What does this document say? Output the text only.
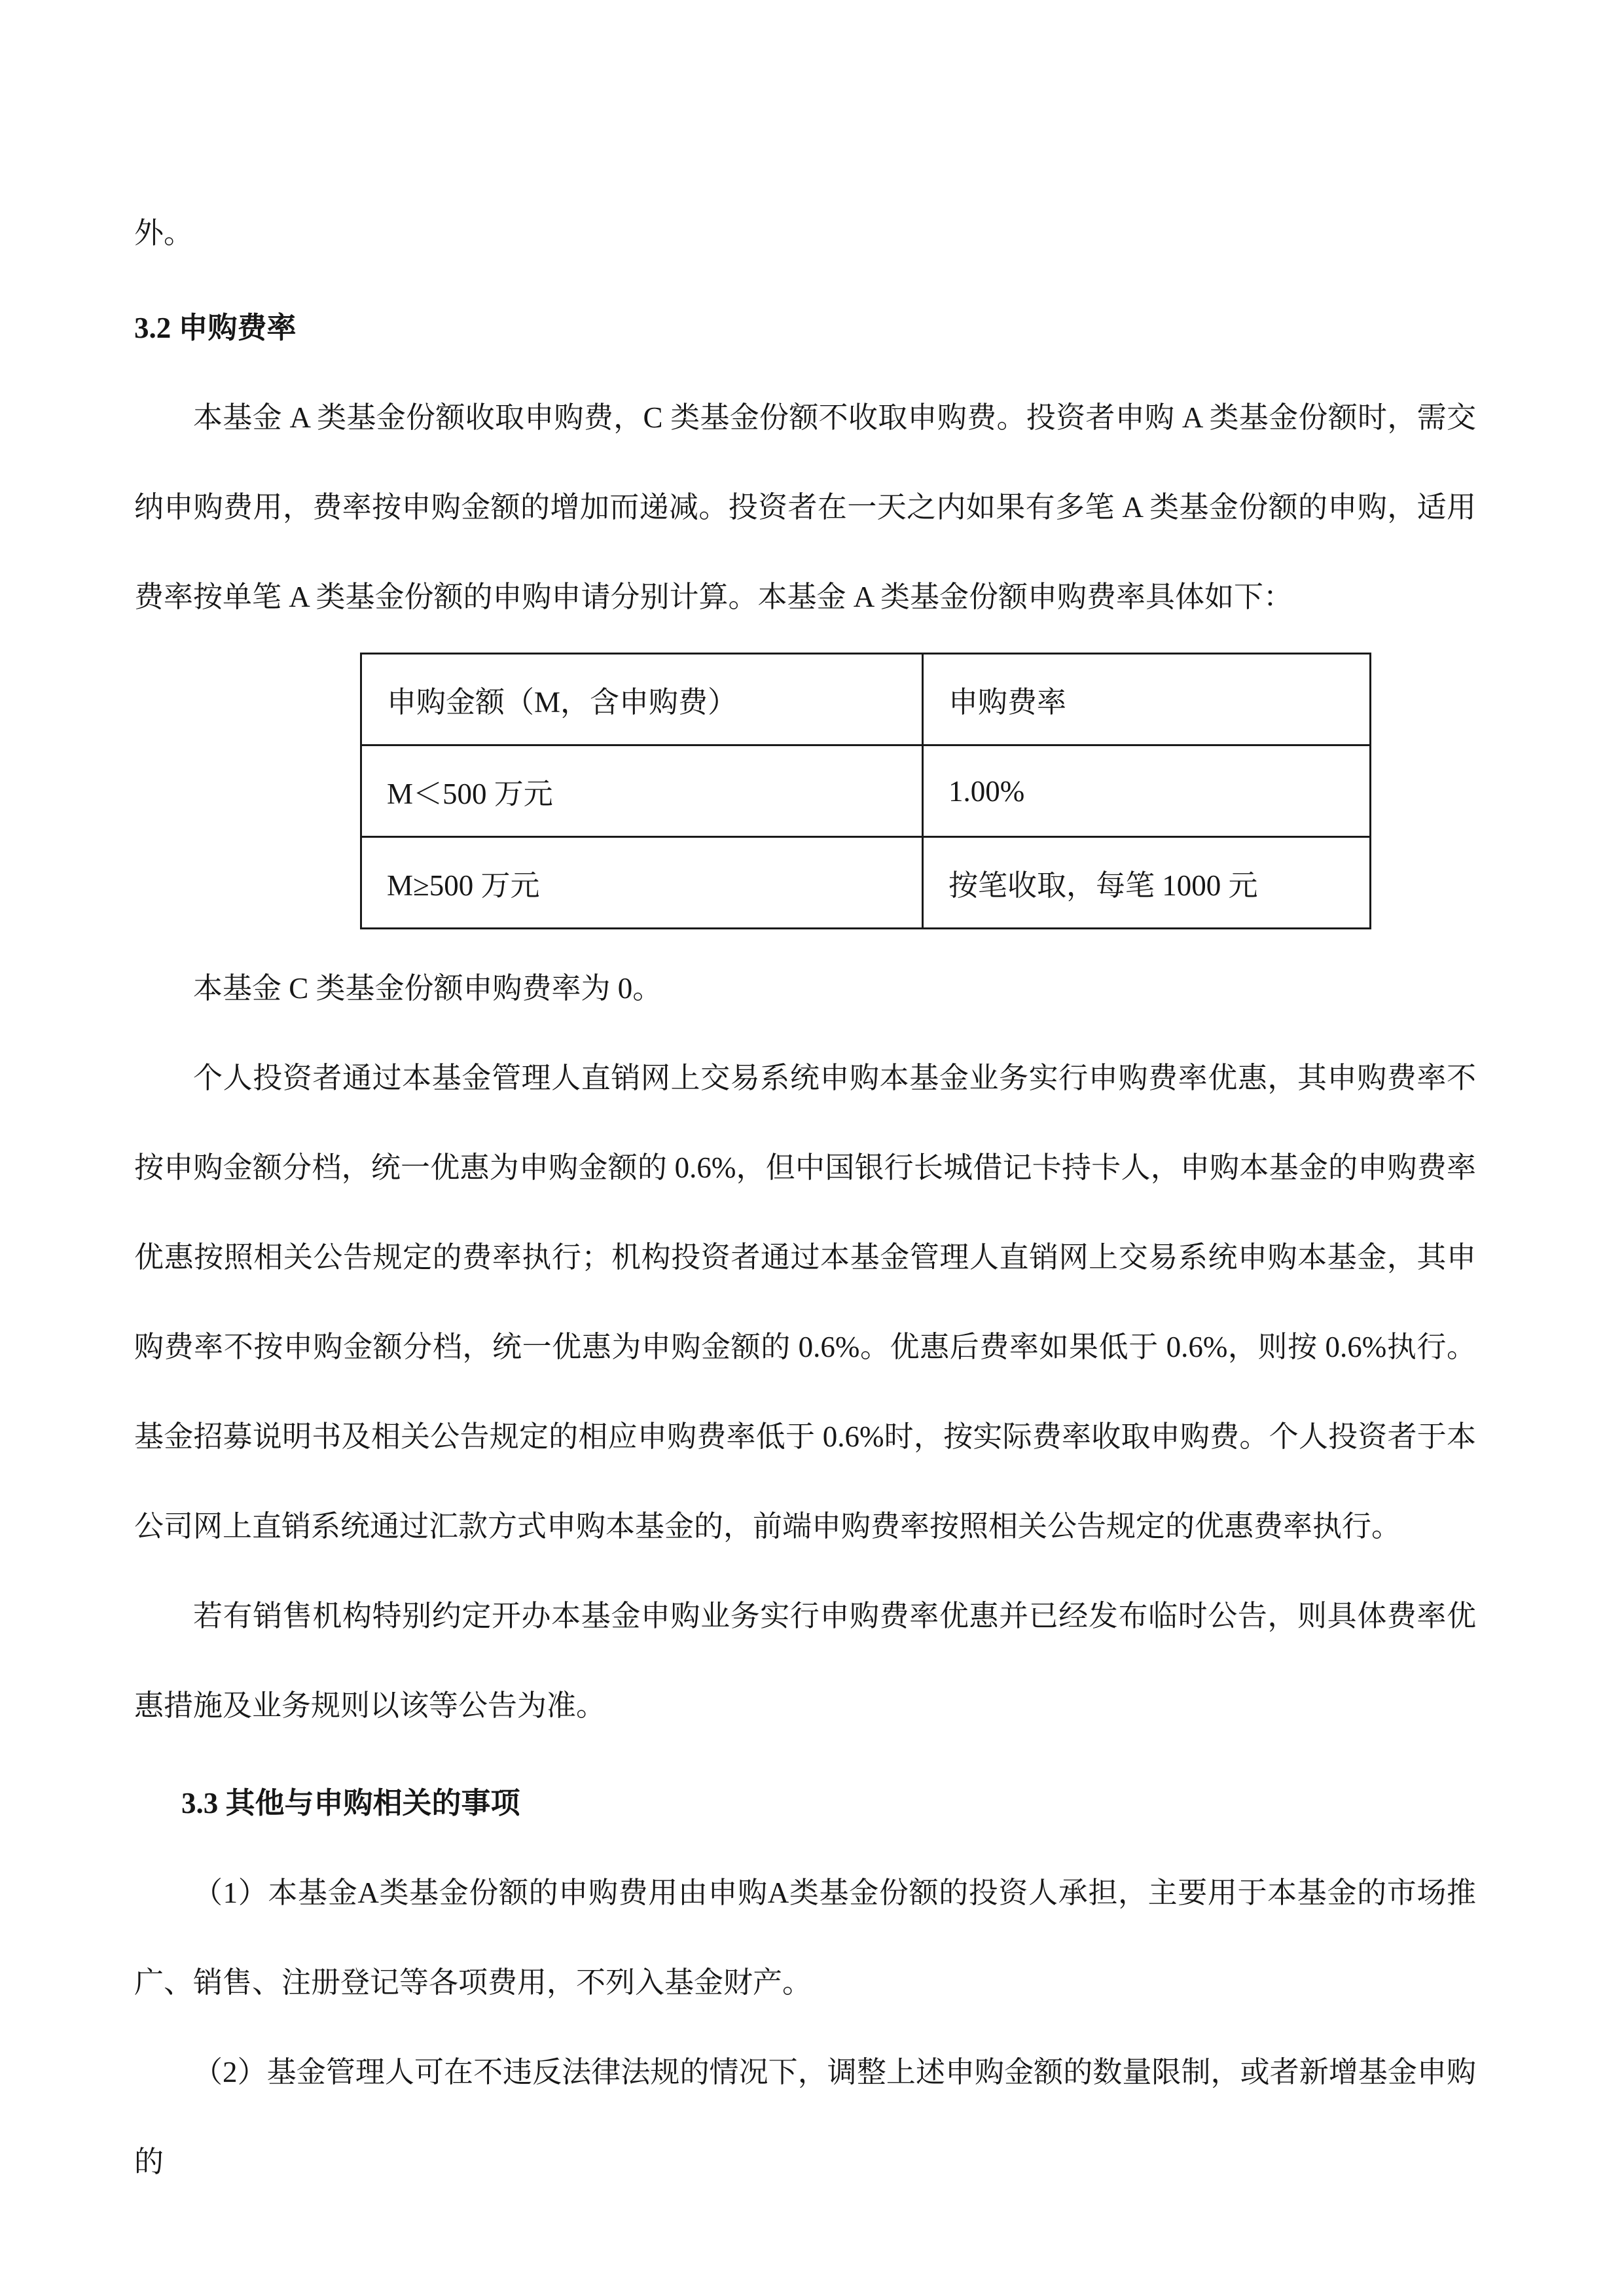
外。

3.2 申购费率

本基金 A 类基金份额收取申购费，C 类基金份额不收取申购费。投资者申购 A 类基金份额时，需交纳申购费用，费率按申购金额的增加而递减。投资者在一天之内如果有多笔 A 类基金份额的申购，适用费率按单笔 A 类基金份额的申购申请分别计算。本基金 A 类基金份额申购费率具体如下：

申购金额（M，含申购费）	申购费率
M＜500 万元	1.00%
M≥500 万元	按笔收取，每笔 1000 元

本基金 C 类基金份额申购费率为 0。

个人投资者通过本基金管理人直销网上交易系统申购本基金业务实行申购费率优惠，其申购费率不按申购金额分档，统一优惠为申购金额的 0.6%，但中国银行长城借记卡持卡人，申购本基金的申购费率优惠按照相关公告规定的费率执行；机构投资者通过本基金管理人直销网上交易系统申购本基金，其申购费率不按申购金额分档，统一优惠为申购金额的 0.6%。优惠后费率如果低于 0.6%，则按 0.6%执行。基金招募说明书及相关公告规定的相应申购费率低于 0.6%时，按实际费率收取申购费。个人投资者于本公司网上直销系统通过汇款方式申购本基金的，前端申购费率按照相关公告规定的优惠费率执行。

若有销售机构特别约定开办本基金申购业务实行申购费率优惠并已经发布临时公告，则具体费率优惠措施及业务规则以该等公告为准。

3.3 其他与申购相关的事项

（1）本基金A类基金份额的申购费用由申购A类基金份额的投资人承担，主要用于本基金的市场推广、销售、注册登记等各项费用，不列入基金财产。

（2）基金管理人可在不违反法律法规的情况下，调整上述申购金额的数量限制，或者新增基金申购的
